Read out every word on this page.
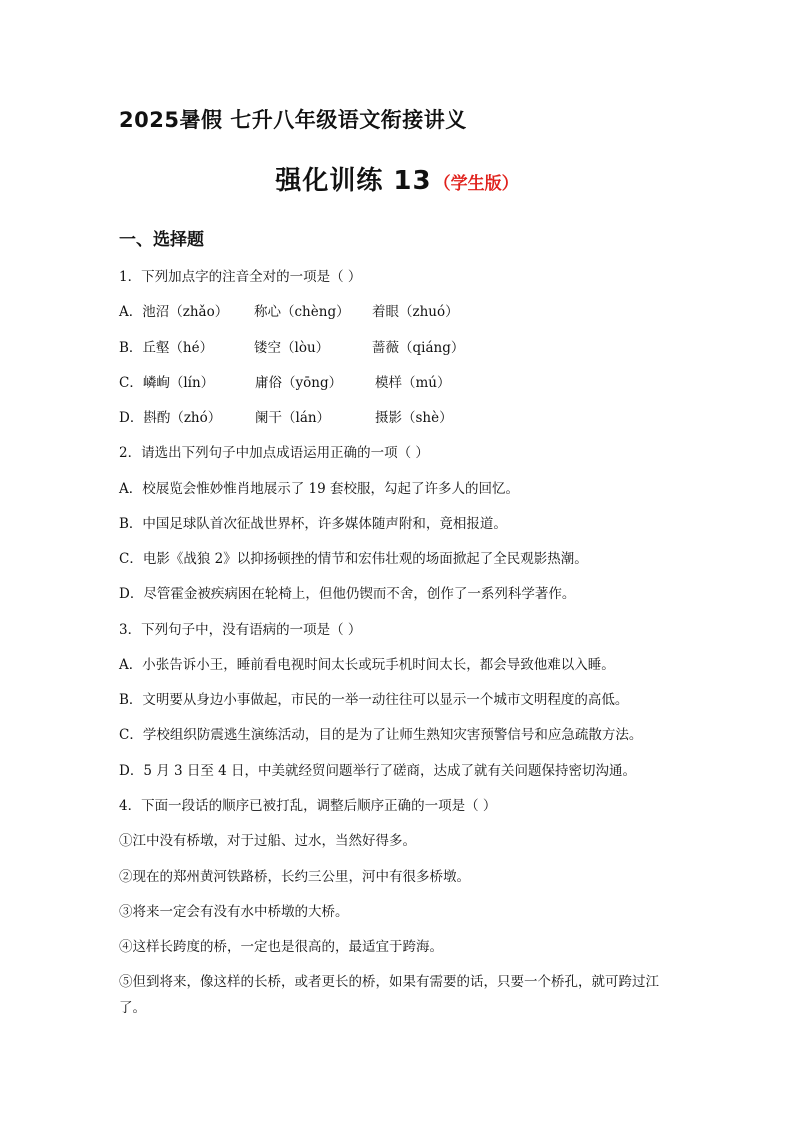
2025暑假 七升八年级语文衔接讲义
强化训练 13 （学生版）
一、选择题
1．下列加点字的注音全对的一项是（ ）
A．池沼（zhǎo） 称心（chèng） 着眼（zhuó）
B．丘壑（hé）	镂空（lòu）	蔷薇（qiáng）
C．嶙峋（lín）	庸俗（yōng） 模样（mú）
D．斟酌（zhó） 阑干（lán）	摄影（shè）
2．请选出下列句子中加点成语运用正确的一项（ ）
A．校展览会惟妙惟肖地展示了 19 套校服，勾起了许多人的回忆。
B．中国足球队首次征战世界杯，许多媒体随声附和，竟相报道。
C．电影《战狼 2》以抑扬顿挫的情节和宏伟壮观的场面掀起了全民观影热潮。
D．尽管霍金被疾病困在轮椅上，但他仍锲而不舍，创作了一系列科学著作。
3．下列句子中，没有语病的一项是（ ）
A．小张告诉小王，睡前看电视时间太长或玩手机时间太长，都会导致他难以入睡。
B．文明要从身边小事做起，市民的一举一动往往可以显示一个城市文明程度的高低。
C．学校组织防震逃生演练活动，目的是为了让师生熟知灾害预警信号和应急疏散方法。
D．5 月 3 日至 4 日，中美就经贸问题举行了磋商，达成了就有关问题保持密切沟通。
4．下面一段话的顺序已被打乱，调整后顺序正确的一项是（ ）
①江中没有桥墩，对于过船、过水，当然好得多。
②现在的郑州黄河铁路桥，长约三公里，河中有很多桥墩。
③将来一定会有没有水中桥墩的大桥。
④这样长跨度的桥，一定也是很高的，最适宜于跨海。
⑤但到将来，像这样的长桥，或者更长的桥，如果有需要的话，只要一个桥孔，就可跨过江了。
